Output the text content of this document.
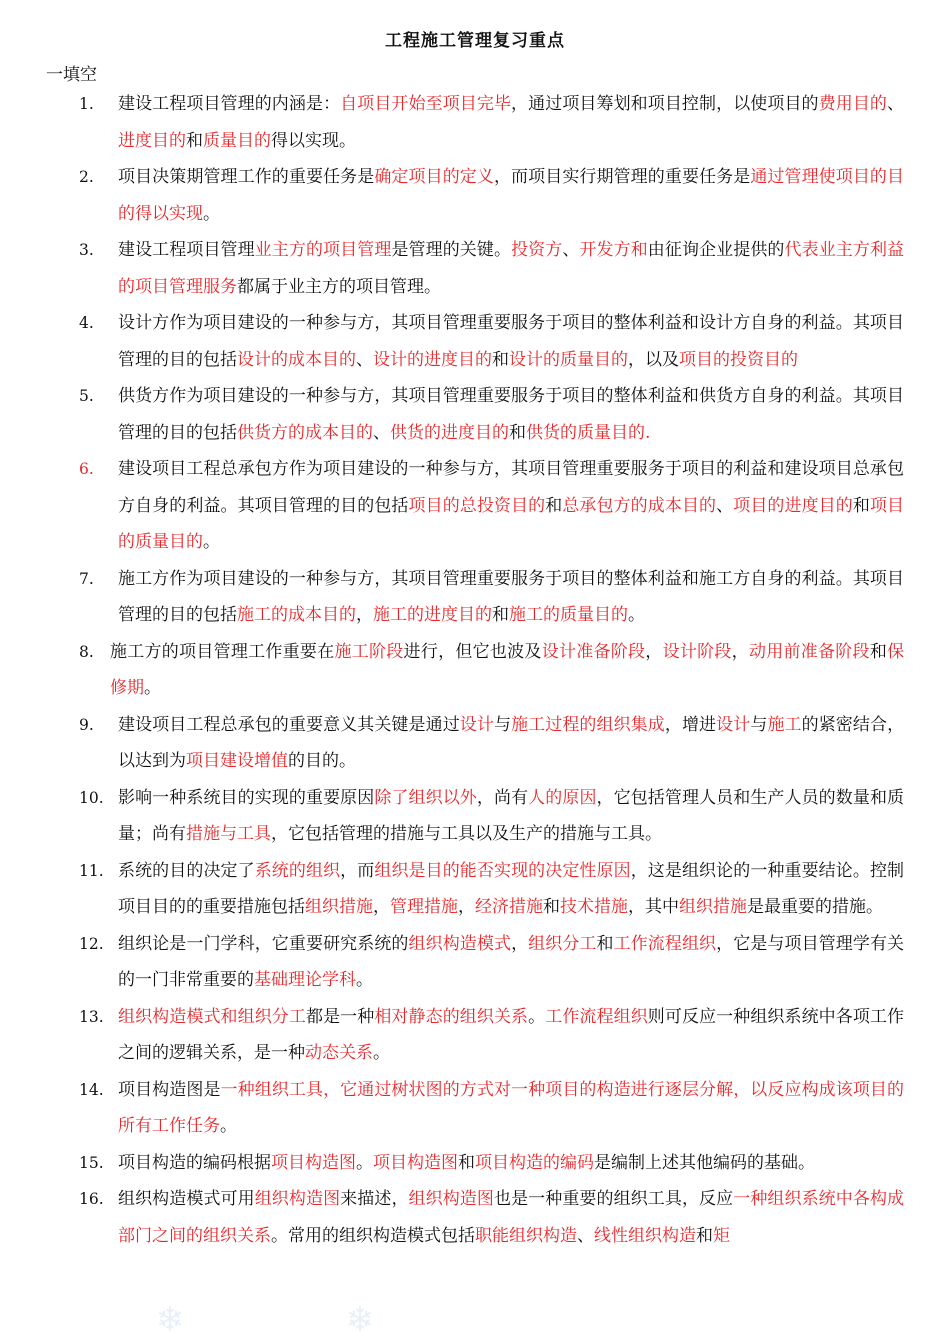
工程施工管理复习重点
一填空
1.	建设工程项目管理的内涵是：自项目开始至项目完毕，通过项目筹划和项目控制，以使项目的费用目的、进度目的和质量目的得以实现。
2.	项目决策期管理工作的重要任务是确定项目的定义，而项目实行期管理的重要任务是通过管理使项目的目的得以实现。
3.	建设工程项目管理业主方的项目管理是管理的关键。投资方、开发方和由征询企业提供的代表业主方利益的项目管理服务都属于业主方的项目管理。
4.	设计方作为项目建设的一种参与方，其项目管理重要服务于项目的整体利益和设计方自身的利益。其项目管理的目的包括设计的成本目的、设计的进度目的和设计的质量目的，以及项目的投资目的
5.	供货方作为项目建设的一种参与方，其项目管理重要服务于项目的整体利益和供货方自身的利益。其项目管理的目的包括供货方的成本目的、供货的进度目的和供货的质量目的.
6.	建设项目工程总承包方作为项目建设的一种参与方，其项目管理重要服务于项目的利益和建设项目总承包方自身的利益。其项目管理的目的包括项目的总投资目的和总承包方的成本目的、项目的进度目的和项目的质量目的。
7.	施工方作为项目建设的一种参与方，其项目管理重要服务于项目的整体利益和施工方自身的利益。其项目管理的目的包括施工的成本目的，施工的进度目的和施工的质量目的。
8. 施工方的项目管理工作重要在施工阶段进行，但它也波及设计准备阶段，设计阶段，动用前准备阶段和保修期。
9.	建设项目工程总承包的重要意义其关键是通过设计与施工过程的组织集成，增进设计与施工的紧密结合，以达到为项目建设增值的目的。
10. 影响一种系统目的实现的重要原因除了组织以外，尚有人的原因，它包括管理人员和生产人员的数量和质量；尚有措施与工具，它包括管理的措施与工具以及生产的措施与工具。
11. 系统的目的决定了系统的组织，而组织是目的能否实现的决定性原因，这是组织论的一种重要结论。控制项目目的的重要措施包括组织措施，管理措施，经济措施和技术措施，其中组织措施是最重要的措施。
12. 组织论是一门学科，它重要研究系统的组织构造模式，组织分工和工作流程组织，它是与项目管理学有关的一门非常重要的基础理论学科。
13. 组织构造模式和组织分工都是一种相对静态的组织关系。工作流程组织则可反应一种组织系统中各项工作之间的逻辑关系，是一种动态关系。
14. 项目构造图是一种组织工具，它通过树状图的方式对一种项目的构造进行逐层分解，以反应构成该项目的所有工作任务。
15. 项目构造的编码根据项目构造图。项目构造图和项目构造的编码是编制上述其他编码的基础。
16. 组织构造模式可用组织构造图来描述，组织构造图也是一种重要的组织工具，反应一种组织系统中各构成部门之间的组织关系。常用的组织构造模式包括职能组织构造、线性组织构造和矩
❄	❄
